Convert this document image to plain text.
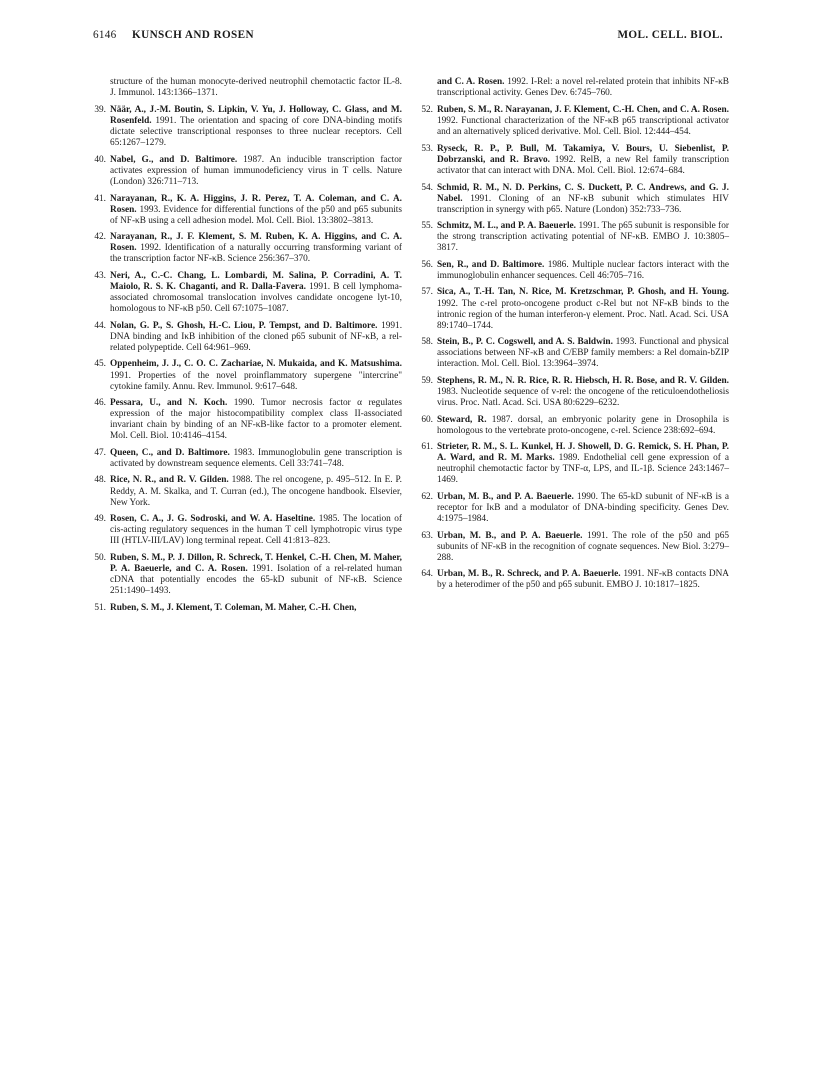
6146 KUNSCH AND ROSEN	MOL. CELL. BIOL.
structure of the human monocyte-derived neutrophil chemotactic factor IL-8. J. Immunol. 143:1366–1371.
39. Näär, A., J.-M. Boutin, S. Lipkin, V. Yu, J. Holloway, C. Glass, and M. Rosenfeld. 1991. The orientation and spacing of core DNA-binding motifs dictate selective transcriptional responses to three nuclear receptors. Cell 65:1267–1279.
40. Nabel, G., and D. Baltimore. 1987. An inducible transcription factor activates expression of human immunodeficiency virus in T cells. Nature (London) 326:711–713.
41. Narayanan, R., K. A. Higgins, J. R. Perez, T. A. Coleman, and C. A. Rosen. 1993. Evidence for differential functions of the p50 and p65 subunits of NF-κB using a cell adhesion model. Mol. Cell. Biol. 13:3802–3813.
42. Narayanan, R., J. F. Klement, S. M. Ruben, K. A. Higgins, and C. A. Rosen. 1992. Identification of a naturally occurring transforming variant of the transcription factor NF-κB. Science 256:367–370.
43. Neri, A., C.-C. Chang, L. Lombardi, M. Salina, P. Corradini, A. T. Maiolo, R. S. K. Chaganti, and R. Dalla-Favera. 1991. B cell lymphoma-associated chromosomal translocation involves candidate oncogene lyt-10, homologous to NF-κB p50. Cell 67:1075–1087.
44. Nolan, G. P., S. Ghosh, H.-C. Liou, P. Tempst, and D. Baltimore. 1991. DNA binding and IκB inhibition of the cloned p65 subunit of NF-κB, a rel-related polypeptide. Cell 64:961–969.
45. Oppenheim, J. J., C. O. C. Zachariae, N. Mukaida, and K. Matsushima. 1991. Properties of the novel proinflammatory supergene "intercrine" cytokine family. Annu. Rev. Immunol. 9:617–648.
46. Pessara, U., and N. Koch. 1990. Tumor necrosis factor α regulates expression of the major histocompatibility complex class II-associated invariant chain by binding of an NF-κB-like factor to a promoter element. Mol. Cell. Biol. 10:4146–4154.
47. Queen, C., and D. Baltimore. 1983. Immunoglobulin gene transcription is activated by downstream sequence elements. Cell 33:741–748.
48. Rice, N. R., and R. V. Gilden. 1988. The rel oncogene, p. 495–512. In E. P. Reddy, A. M. Skalka, and T. Curran (ed.), The oncogene handbook. Elsevier, New York.
49. Rosen, C. A., J. G. Sodroski, and W. A. Haseltine. 1985. The location of cis-acting regulatory sequences in the human T cell lymphotropic virus type III (HTLV-III/LAV) long terminal repeat. Cell 41:813–823.
50. Ruben, S. M., P. J. Dillon, R. Schreck, T. Henkel, C.-H. Chen, M. Maher, P. A. Baeuerle, and C. A. Rosen. 1991. Isolation of a rel-related human cDNA that potentially encodes the 65-kD subunit of NF-κB. Science 251:1490–1493.
51. Ruben, S. M., J. Klement, T. Coleman, M. Maher, C.-H. Chen,
and C. A. Rosen. 1992. I-Rel: a novel rel-related protein that inhibits NF-κB transcriptional activity. Genes Dev. 6:745–760.
52. Ruben, S. M., R. Narayanan, J. F. Klement, C.-H. Chen, and C. A. Rosen. 1992. Functional characterization of the NF-κB p65 transcriptional activator and an alternatively spliced derivative. Mol. Cell. Biol. 12:444–454.
53. Ryseck, R. P., P. Bull, M. Takamiya, V. Bours, U. Siebenlist, P. Dobrzanski, and R. Bravo. 1992. RelB, a new Rel family transcription activator that can interact with DNA. Mol. Cell. Biol. 12:674–684.
54. Schmid, R. M., N. D. Perkins, C. S. Duckett, P. C. Andrews, and G. J. Nabel. 1991. Cloning of an NF-κB subunit which stimulates HIV transcription in synergy with p65. Nature (London) 352:733–736.
55. Schmitz, M. L., and P. A. Baeuerle. 1991. The p65 subunit is responsible for the strong transcription activating potential of NF-κB. EMBO J. 10:3805–3817.
56. Sen, R., and D. Baltimore. 1986. Multiple nuclear factors interact with the immunoglobulin enhancer sequences. Cell 46:705–716.
57. Sica, A., T.-H. Tan, N. Rice, M. Kretzschmar, P. Ghosh, and H. Young. 1992. The c-rel proto-oncogene product c-Rel but not NF-κB binds to the intronic region of the human interferon-γ element. Proc. Natl. Acad. Sci. USA 89:1740–1744.
58. Stein, B., P. C. Cogswell, and A. S. Baldwin. 1993. Functional and physical associations between NF-κB and C/EBP family members: a Rel domain-bZIP interaction. Mol. Cell. Biol. 13:3964–3974.
59. Stephens, R. M., N. R. Rice, R. R. Hiebsch, H. R. Bose, and R. V. Gilden. 1983. Nucleotide sequence of v-rel: the oncogene of the reticuloendotheliosis virus. Proc. Natl. Acad. Sci. USA 80:6229–6232.
60. Steward, R. 1987. dorsal, an embryonic polarity gene in Drosophila is homologous to the vertebrate proto-oncogene, c-rel. Science 238:692–694.
61. Strieter, R. M., S. L. Kunkel, H. J. Showell, D. G. Remick, S. H. Phan, P. A. Ward, and R. M. Marks. 1989. Endothelial cell gene expression of a neutrophil chemotactic factor by TNF-α, LPS, and IL-1β. Science 243:1467–1469.
62. Urban, M. B., and P. A. Baeuerle. 1990. The 65-kD subunit of NF-κB is a receptor for IκB and a modulator of DNA-binding specificity. Genes Dev. 4:1975–1984.
63. Urban, M. B., and P. A. Baeuerle. 1991. The role of the p50 and p65 subunits of NF-κB in the recognition of cognate sequences. New Biol. 3:279–288.
64. Urban, M. B., R. Schreck, and P. A. Baeuerle. 1991. NF-κB contacts DNA by a heterodimer of the p50 and p65 subunit. EMBO J. 10:1817–1825.
